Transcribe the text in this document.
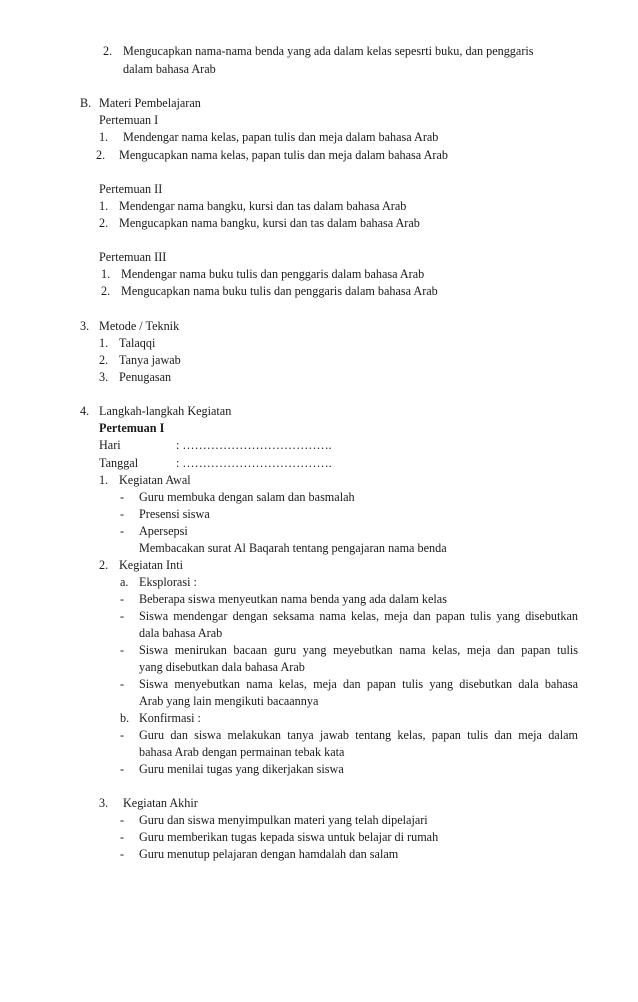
2. Mengucapkan nama-nama benda yang ada dalam kelas sepesrti buku, dan penggaris
dalam bahasa Arab
B. Materi Pembelajaran
Pertemuan I
1. Mendengar nama kelas, papan tulis dan meja dalam bahasa Arab
2. Mengucapkan nama kelas, papan tulis dan meja dalam bahasa Arab
Pertemuan II
1. Mendengar nama bangku, kursi dan tas dalam bahasa Arab
2. Mengucapkan nama bangku, kursi dan tas dalam bahasa Arab
Pertemuan III
1. Mendengar nama buku tulis dan penggaris dalam bahasa Arab
2. Mengucapkan nama buku tulis dan penggaris dalam bahasa Arab
3. Metode / Teknik
1. Talaqqi
2. Tanya jawab
3. Penugasan
4. Langkah-langkah Kegiatan
Pertemuan I
Hari	: ……………………………….
Tanggal	: ……………………………….
1. Kegiatan Awal
- Guru membuka dengan salam dan basmalah
- Presensi siswa
- Apersepsi
Membacakan surat Al Baqarah tentang pengajaran nama benda
2. Kegiatan Inti
a. Eksplorasi :
- Beberapa siswa menyeutkan nama benda yang ada dalam kelas
- Siswa mendengar dengan seksama nama kelas, meja dan papan tulis yang disebutkan
dala bahasa Arab
- Siswa menirukan bacaan guru yang meyebutkan nama kelas, meja dan papan tulis
yang disebutkan dala bahasa Arab
- Siswa menyebutkan nama kelas, meja dan papan tulis yang disebutkan dala bahasa
Arab yang lain mengikuti bacaannya
b. Konfirmasi :
- Guru dan siswa melakukan tanya jawab tentang kelas, papan tulis dan meja dalam
bahasa Arab dengan permainan tebak kata
- Guru menilai tugas yang dikerjakan siswa
3. Kegiatan Akhir
- Guru dan siswa menyimpulkan materi yang telah dipelajari
- Guru memberikan tugas kepada siswa untuk belajar di rumah
- Guru menutup pelajaran dengan hamdalah dan salam
